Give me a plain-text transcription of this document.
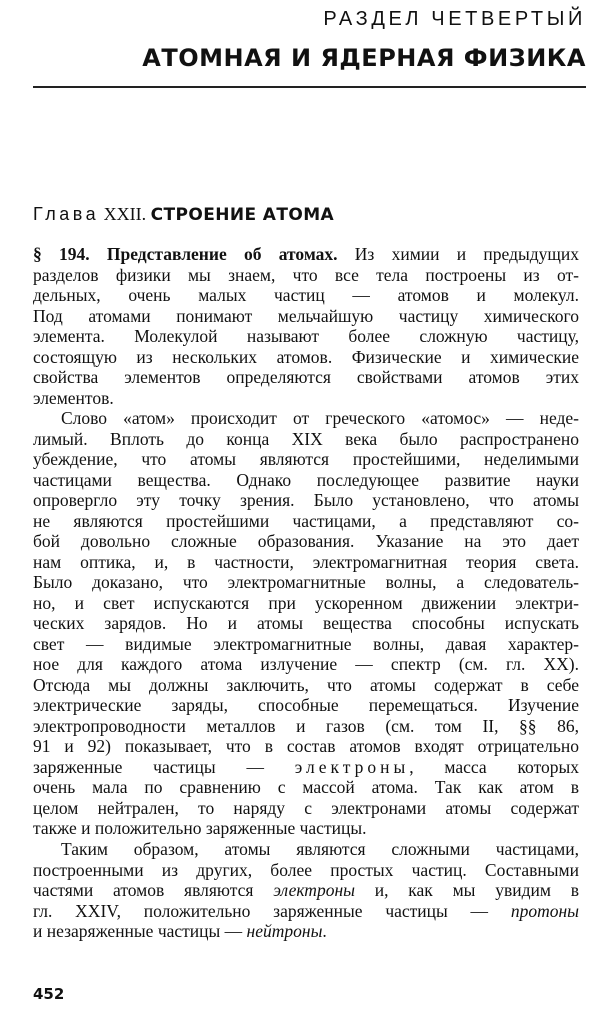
РАЗДЕЛ ЧЕТВЕРТЫЙ
АТОМНАЯ И ЯДЕРНАЯ ФИЗИКА
Глава XXII. СТРОЕНИЕ АТОМА
§ 194. Представление об атомах. Из химии и предыдущих
разделов физики мы знаем, что все тела построены из от-
дельных, очень малых частиц — атомов и молекул.
Под атомами понимают мельчайшую частицу химического
элемента. Молекулой называют более сложную частицу,
состоящую из нескольких атомов. Физические и химические
свойства элементов определяются свойствами атомов этих
элементов.
Слово «атом» происходит от греческого «атомос» — неде-
лимый. Вплоть до конца XIX века было распространено
убеждение, что атомы являются простейшими, неделимыми
частицами вещества. Однако последующее развитие науки
опровергло эту точку зрения. Было установлено, что атомы
не являются простейшими частицами, а представляют со-
бой довольно сложные образования. Указание на это дает
нам оптика, и, в частности, электромагнитная теория света.
Было доказано, что электромагнитные волны, а следователь-
но, и свет испускаются при ускоренном движении электри-
ческих зарядов. Но и атомы вещества способны испускать
свет — видимые электромагнитные волны, давая характер-
ное для каждого атома излучение — спектр (см. гл. XX).
Отсюда мы должны заключить, что атомы содержат в себе
электрические заряды, способные перемещаться. Изучение
электропроводности металлов и газов (см. том II, §§ 86,
91 и 92) показывает, что в состав атомов входят отрицательно
заряженные частицы — электроны, масса которых
очень мала по сравнению с массой атома. Так как атом в
целом нейтрален, то наряду с электронами атомы содержат
также и положительно заряженные частицы.
Таким образом, атомы являются сложными частицами,
построенными из других, более простых частиц. Составными
частями атомов являются электроны и, как мы увидим в
гл. XXIV, положительно заряженные частицы — протоны
и незаряженные частицы — нейтроны.
452
